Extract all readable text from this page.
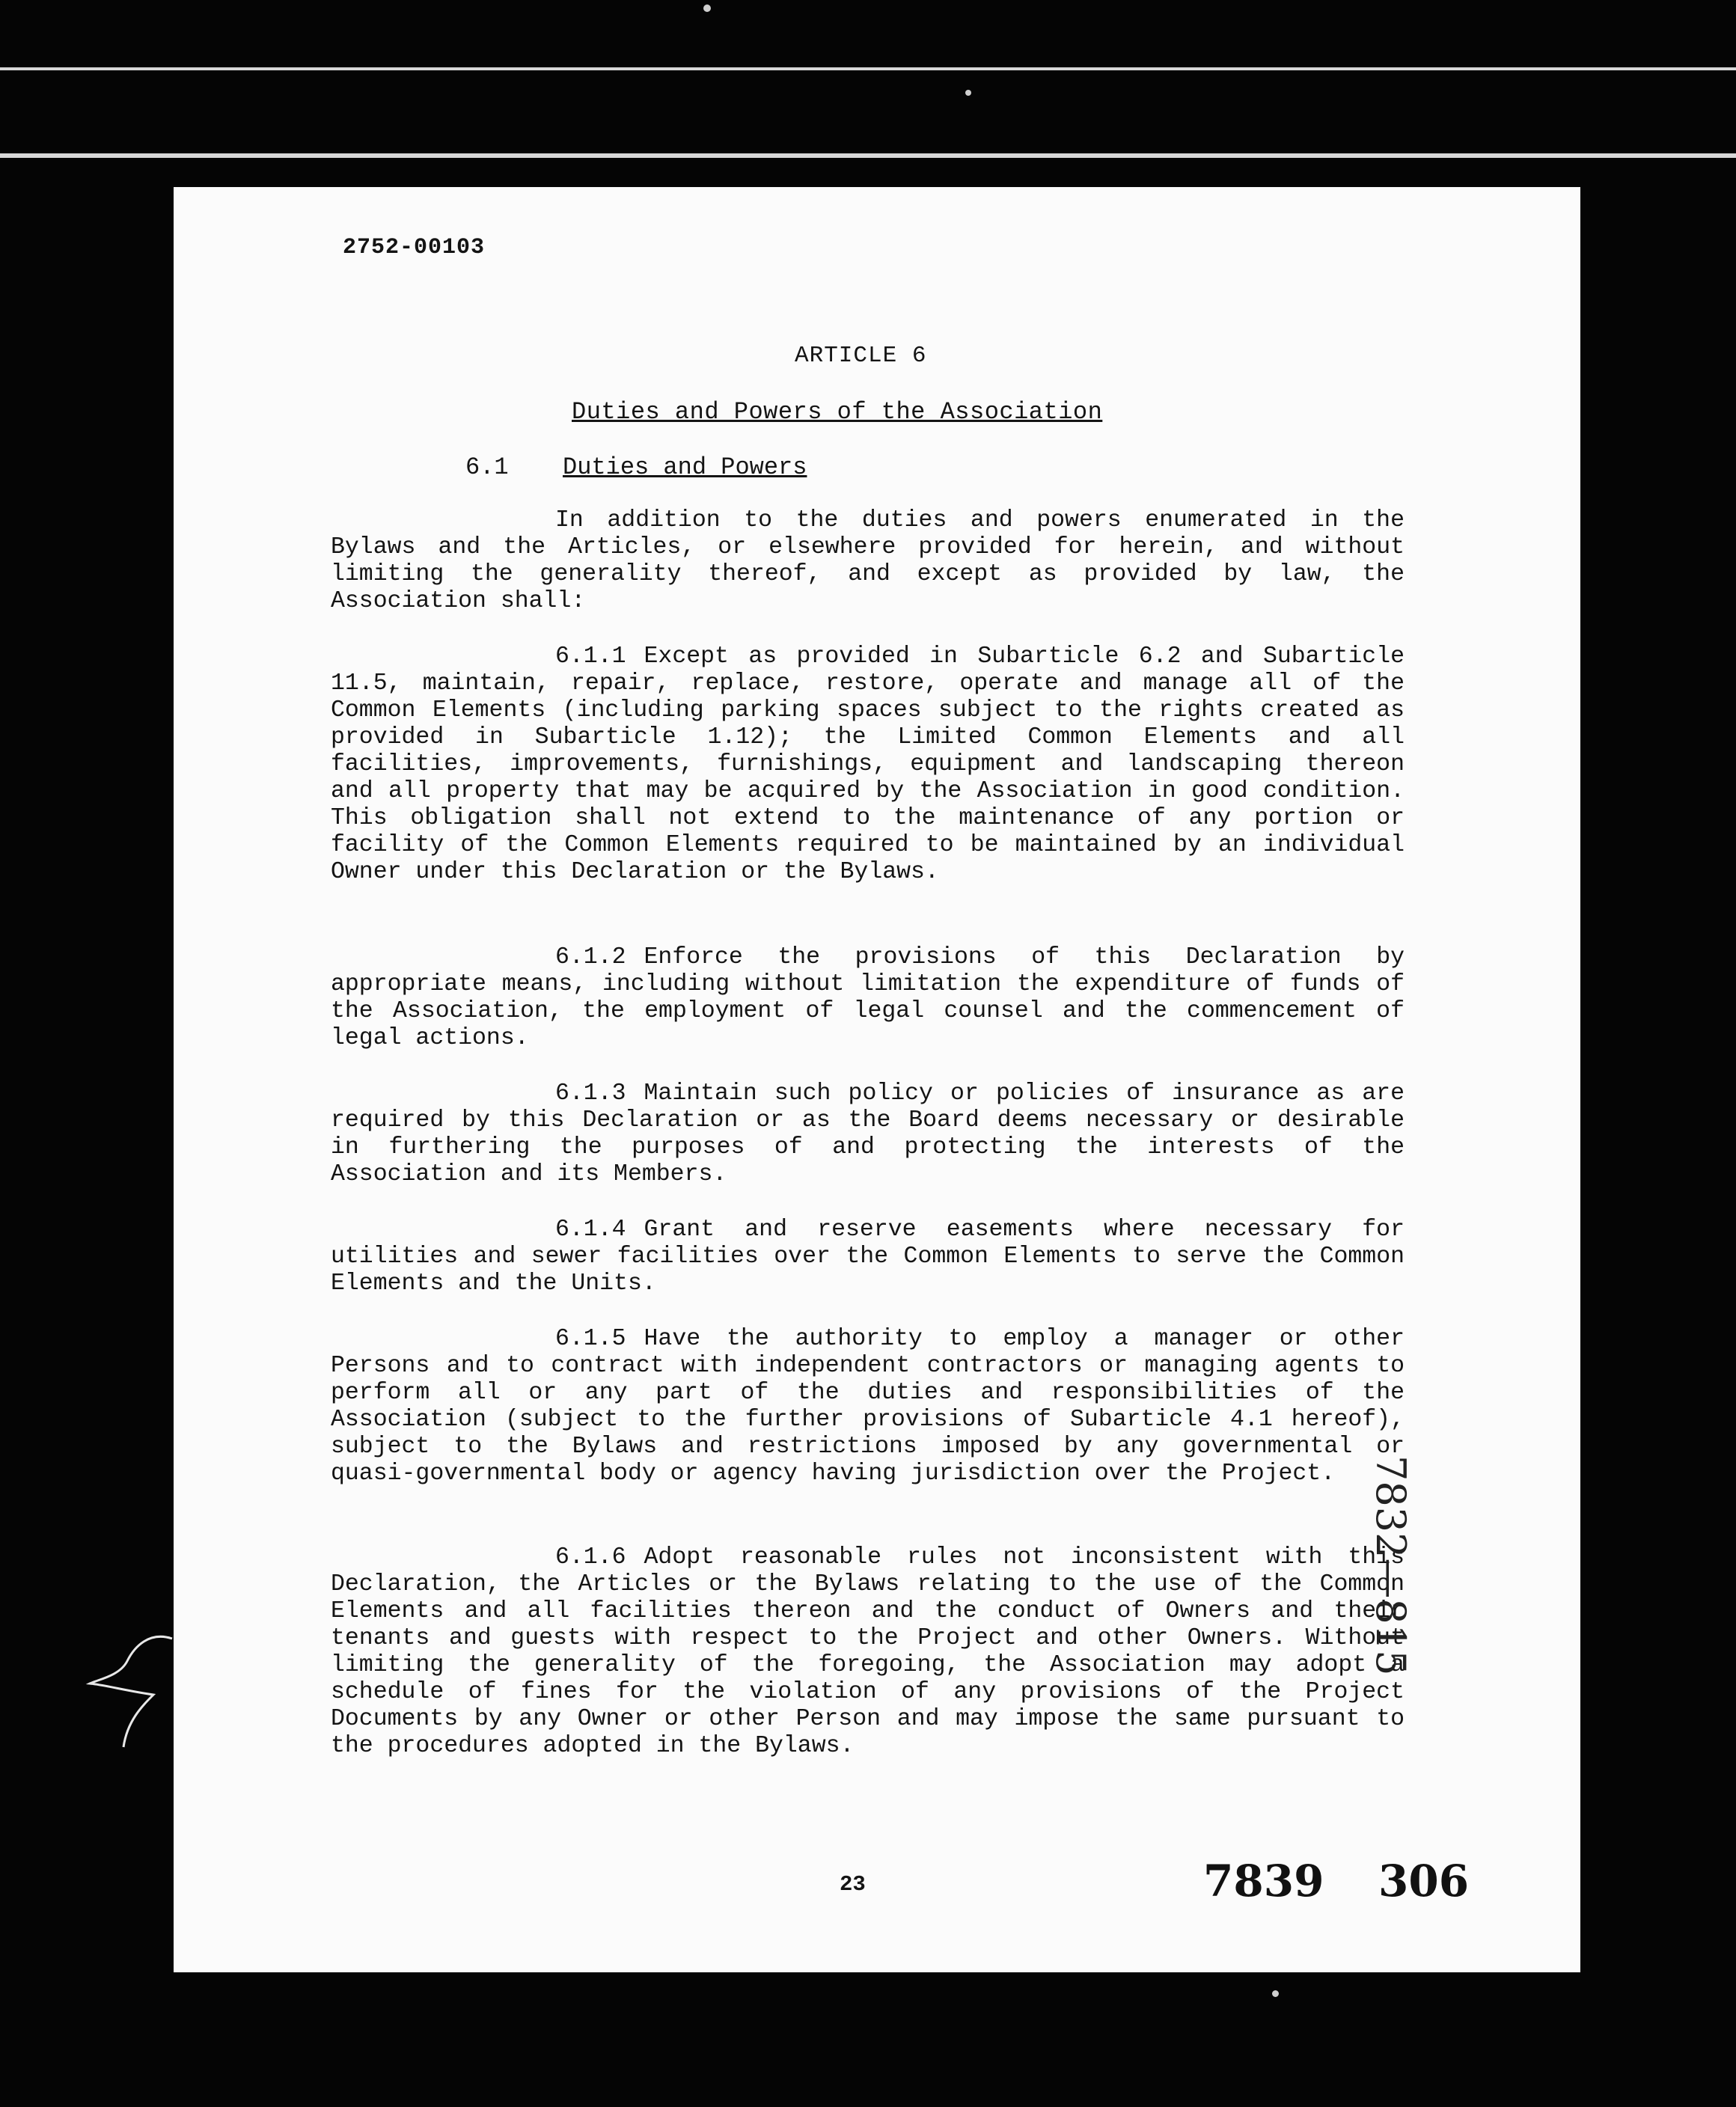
2752-00103

ARTICLE 6

Duties and Powers of the Association

6.1 Duties and Powers

In addition to the duties and powers enumerated in the Bylaws and the Articles, or elsewhere provided for herein, and without limiting the generality thereof, and except as provided by law, the Association shall:

6.1.1 Except as provided in Subarticle 6.2 and Subarticle 11.5, maintain, repair, replace, restore, operate and manage all of the Common Elements (including parking spaces subject to the rights created as provided in Subarticle 1.12); the Limited Common Elements and all facilities, improvements, furnishings, equipment and landscaping thereon and all property that may be acquired by the Association in good condition. This obligation shall not extend to the maintenance of any portion or facility of the Common Elements required to be maintained by an individual Owner under this Declaration or the Bylaws.

6.1.2 Enforce the provisions of this Declaration by appropriate means, including without limitation the expenditure of funds of the Association, the employment of legal counsel and the commencement of legal actions.

6.1.3 Maintain such policy or policies of insurance as are required by this Declaration or as the Board deems necessary or desirable in furthering the purposes of and protecting the interests of the Association and its Members.

6.1.4 Grant and reserve easements where necessary for utilities and sewer facilities over the Common Elements to serve the Common Elements and the Units.

6.1.5 Have the authority to employ a manager or other Persons and to contract with independent contractors or managing agents to perform all or any part of the duties and responsibilities of the Association (subject to the further provisions of Subarticle 4.1 hereof), subject to the Bylaws and restrictions imposed by any governmental or quasi-governmental body or agency having jurisdiction over the Project.

6.1.6 Adopt reasonable rules not inconsistent with this Declaration, the Articles or the Bylaws relating to the use of the Common Elements and all facilities thereon and the conduct of Owners and their tenants and guests with respect to the Project and other Owners. Without limiting the generality of the foregoing, the Association may adopt a schedule of fines for the violation of any provisions of the Project Documents by any Owner or other Person and may impose the same pursuant to the procedures adopted in the Bylaws.

23	7839 306
7832—815
